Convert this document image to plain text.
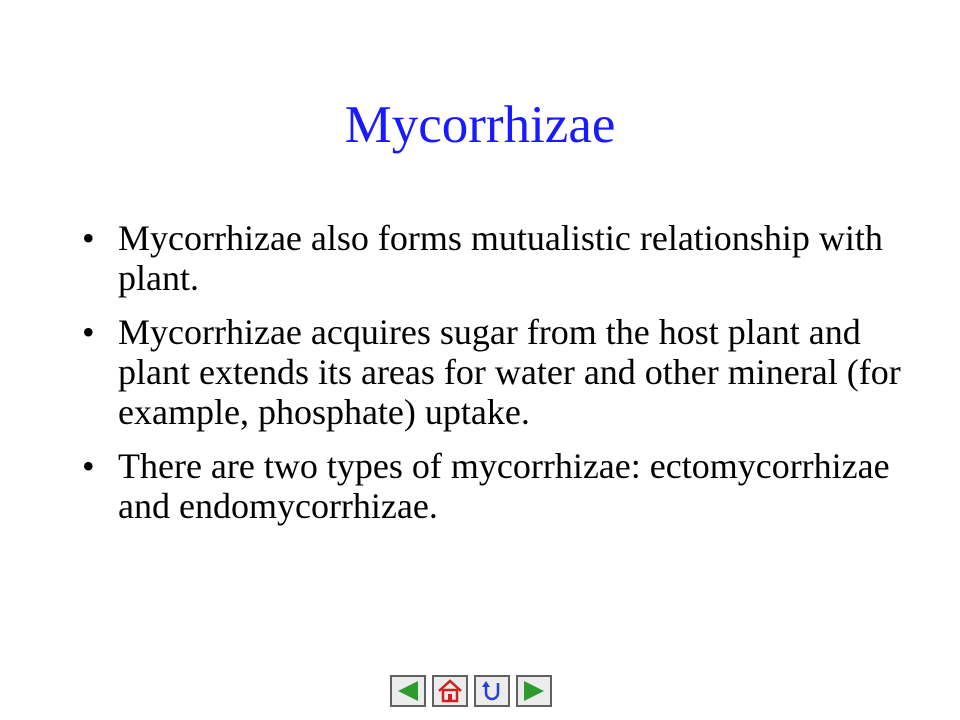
Mycorrhizae
• Mycorrhizae also forms mutualistic relationship with plant.
• Mycorrhizae acquires sugar from the host plant and plant extends its areas for water and other mineral (for example, phosphate) uptake.
• There are two types of mycorrhizae: ectomycorrhizae and endomycorrhizae.
